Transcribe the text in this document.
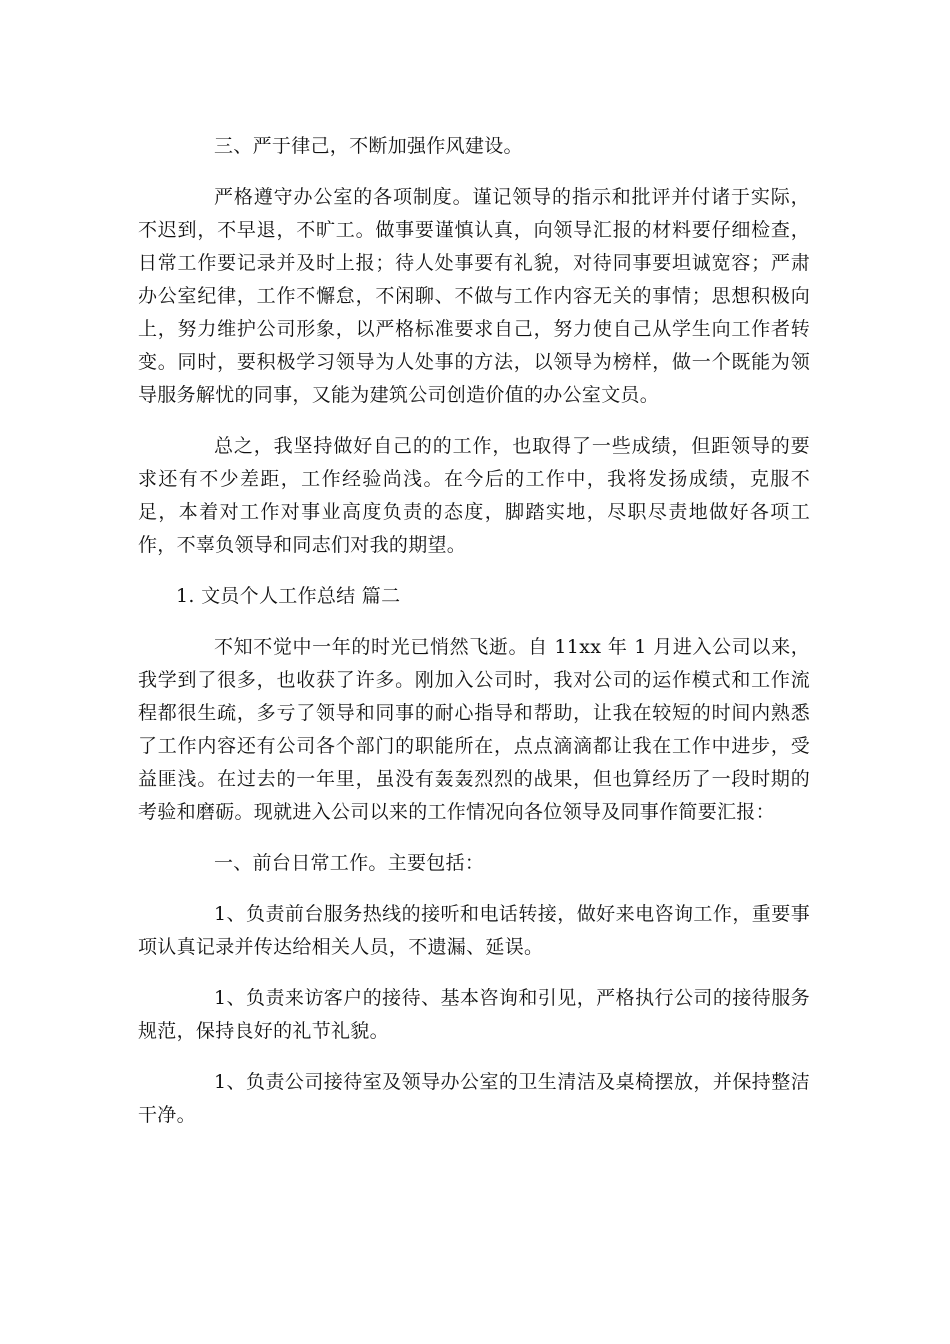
三、严于律己，不断加强作风建设。

严格遵守办公室的各项制度。谨记领导的指示和批评并付诸于实际，不迟到，不早退，不旷工。做事要谨慎认真，向领导汇报的材料要仔细检查，日常工作要记录并及时上报；待人处事要有礼貌，对待同事要坦诚宽容；严肃办公室纪律，工作不懈怠，不闲聊、不做与工作内容无关的事情；思想积极向上，努力维护公司形象，以严格标准要求自己，努力使自己从学生向工作者转变。同时，要积极学习领导为人处事的方法，以领导为榜样，做一个既能为领导服务解忧的同事，又能为建筑公司创造价值的办公室文员。

总之，我坚持做好自己的的工作，也取得了一些成绩，但距领导的要求还有不少差距，工作经验尚浅。在今后的工作中，我将发扬成绩，克服不足，本着对工作对事业高度负责的态度，脚踏实地，尽职尽责地做好各项工作，不辜负领导和同志们对我的期望。

1. 文员个人工作总结 篇二

不知不觉中一年的时光已悄然飞逝。自 11xx 年 1 月进入公司以来，我学到了很多，也收获了许多。刚加入公司时，我对公司的运作模式和工作流程都很生疏，多亏了领导和同事的耐心指导和帮助，让我在较短的时间内熟悉了工作内容还有公司各个部门的职能所在，点点滴滴都让我在工作中进步，受益匪浅。在过去的一年里，虽没有轰轰烈烈的战果，但也算经历了一段时期的考验和磨砺。现就进入公司以来的工作情况向各位领导及同事作简要汇报：

一、前台日常工作。主要包括：

1、负责前台服务热线的接听和电话转接，做好来电咨询工作，重要事项认真记录并传达给相关人员，不遗漏、延误。

1、负责来访客户的接待、基本咨询和引见，严格执行公司的接待服务规范，保持良好的礼节礼貌。

1、负责公司接待室及领导办公室的卫生清洁及桌椅摆放，并保持整洁干净。
